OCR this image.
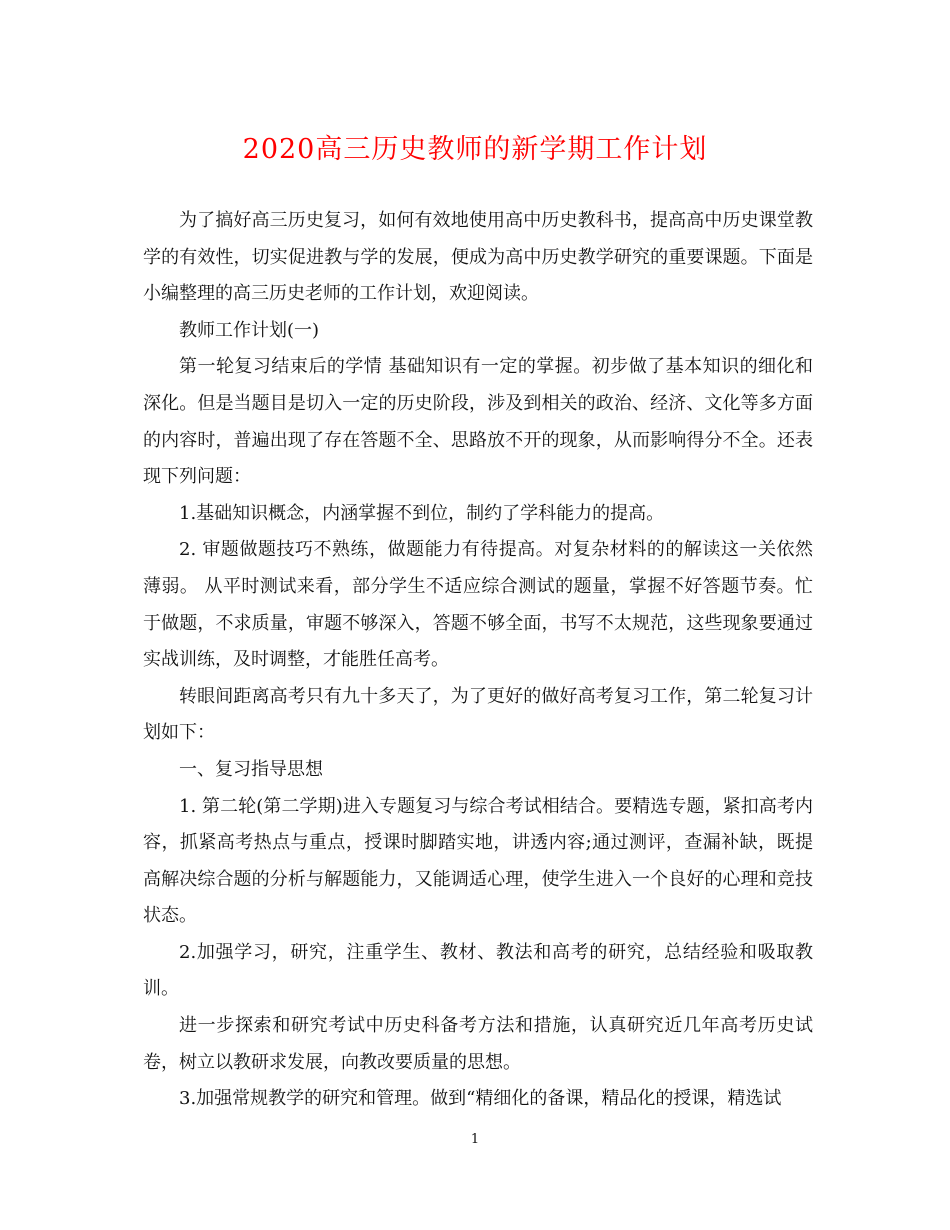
2020高三历史教师的新学期工作计划

为了搞好高三历史复习，如何有效地使用高中历史教科书，提高高中历史课堂教学的有效性，切实促进教与学的发展，便成为高中历史教学研究的重要课题。下面是小编整理的高三历史老师的工作计划，欢迎阅读。

教师工作计划(一)

第一轮复习结束后的学情 基础知识有一定的掌握。初步做了基本知识的细化和深化。但是当题目是切入一定的历史阶段，涉及到相关的政治、经济、文化等多方面的内容时，普遍出现了存在答题不全、思路放不开的现象，从而影响得分不全。还表现下列问题：

1.基础知识概念，内涵掌握不到位，制约了学科能力的提高。

2. 审题做题技巧不熟练，做题能力有待提高。对复杂材料的的解读这一关依然薄弱。 从平时测试来看，部分学生不适应综合测试的题量，掌握不好答题节奏。忙于做题，不求质量，审题不够深入，答题不够全面，书写不太规范，这些现象要通过实战训练，及时调整，才能胜任高考。

转眼间距离高考只有九十多天了，为了更好的做好高考复习工作，第二轮复习计划如下：

一、复习指导思想

1. 第二轮(第二学期)进入专题复习与综合考试相结合。要精选专题，紧扣高考内容，抓紧高考热点与重点，授课时脚踏实地，讲透内容;通过测评，查漏补缺，既提高解决综合题的分析与解题能力，又能调适心理，使学生进入一个良好的心理和竞技状态。

2.加强学习，研究，注重学生、教材、教法和高考的研究，总结经验和吸取教训。

进一步探索和研究考试中历史科备考方法和措施，认真研究近几年高考历史试卷，树立以教研求发展，向教改要质量的思想。

3.加强常规教学的研究和管理。做到“精细化的备课，精品化的授课，精选试

1
